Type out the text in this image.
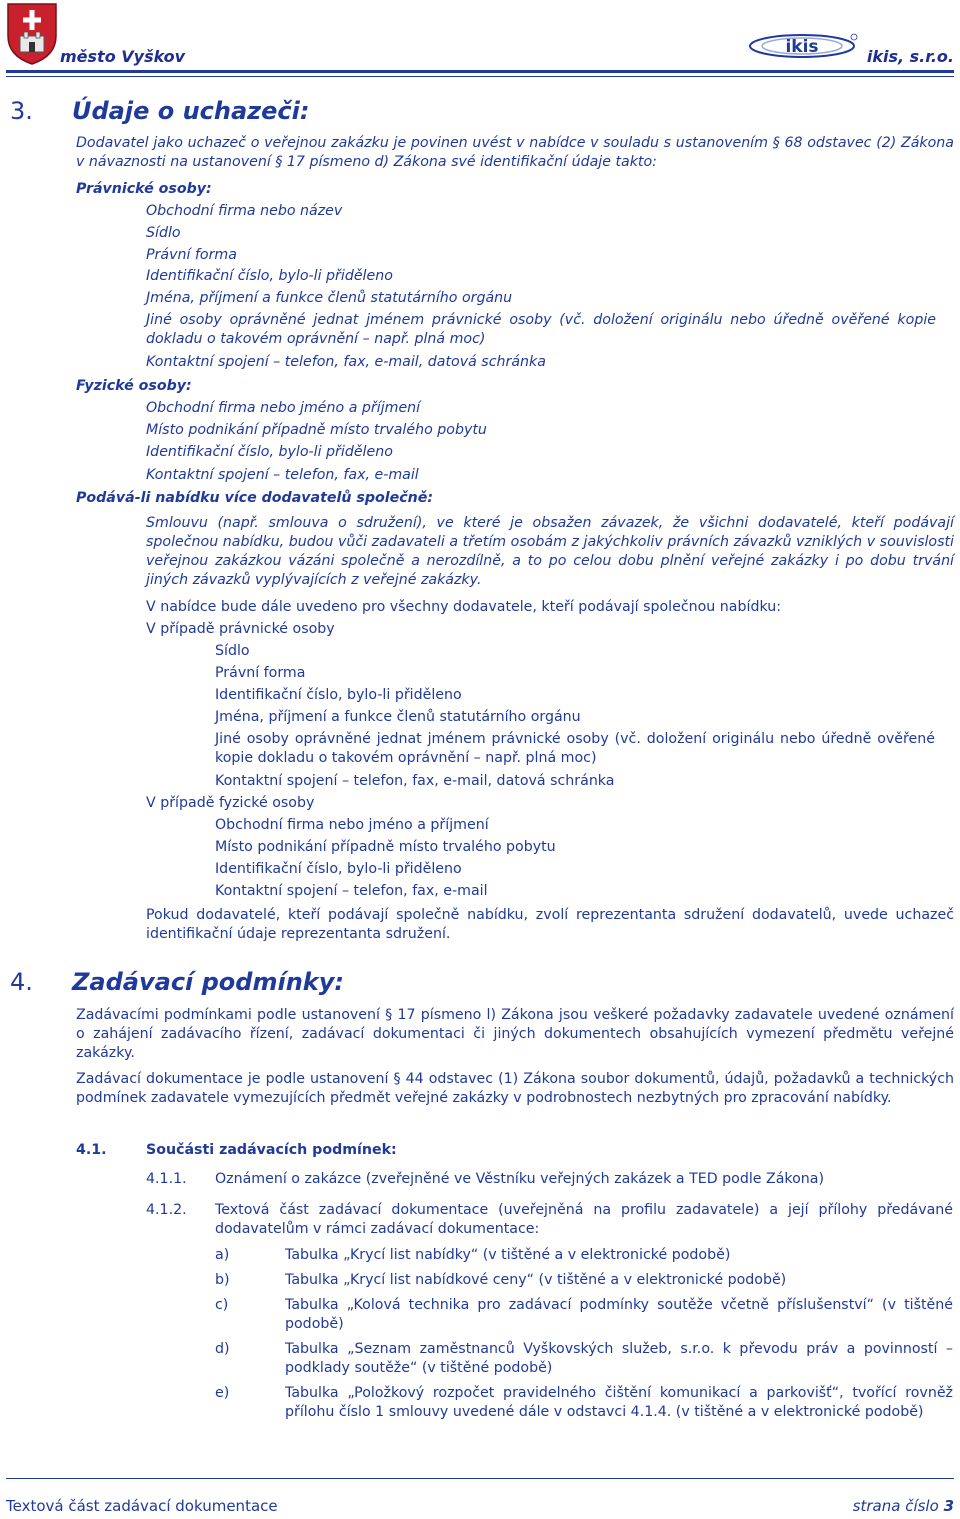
město Vyškov	ikis	ikis, s.r.o.
3. Údaje o uchazeči:
Dodavatel jako uchazeč o veřejnou zakázku je povinen uvést v nabídce v souladu s ustanovením § 68 odstavec (2) Zákona v návaznosti na ustanovení § 17 písmeno d) Zákona své identifikační údaje takto:
Právnické osoby:
Obchodní firma nebo název
Sídlo
Právní forma
Identifikační číslo, bylo-li přiděleno
Jména, příjmení a funkce členů statutárního orgánu
Jiné osoby oprávněné jednat jménem právnické osoby (vč. doložení originálu nebo úředně ověřené kopie dokladu o takovém oprávnění – např. plná moc)
Kontaktní spojení – telefon, fax, e-mail, datová schránka
Fyzické osoby:
Obchodní firma nebo jméno a příjmení
Místo podnikání případně místo trvalého pobytu
Identifikační číslo, bylo-li přiděleno
Kontaktní spojení – telefon, fax, e-mail
Podává-li nabídku více dodavatelů společně:
Smlouvu (např. smlouva o sdružení), ve které je obsažen závazek, že všichni dodavatelé, kteří podávají společnou nabídku, budou vůči zadavateli a třetím osobám z jakýchkoliv právních závazků vzniklých v souvislosti veřejnou zakázkou vázáni společně a nerozdílně, a to po celou dobu plnění veřejné zakázky i po dobu trvání jiných závazků vyplývajících z veřejné zakázky.
V nabídce bude dále uvedeno pro všechny dodavatele, kteří podávají společnou nabídku:
V případě právnické osoby
Sídlo
Právní forma
Identifikační číslo, bylo-li přiděleno
Jména, příjmení a funkce členů statutárního orgánu
Jiné osoby oprávněné jednat jménem právnické osoby (vč. doložení originálu nebo úředně ověřené kopie dokladu o takovém oprávnění – např. plná moc)
Kontaktní spojení – telefon, fax, e-mail, datová schránka
V případě fyzické osoby
Obchodní firma nebo jméno a příjmení
Místo podnikání případně místo trvalého pobytu
Identifikační číslo, bylo-li přiděleno
Kontaktní spojení – telefon, fax, e-mail
Pokud dodavatelé, kteří podávají společně nabídku, zvolí reprezentanta sdružení dodavatelů, uvede uchazeč identifikační údaje reprezentanta sdružení.
4. Zadávací podmínky:
Zadávacími podmínkami podle ustanovení § 17 písmeno l) Zákona jsou veškeré požadavky zadavatele uvedené oznámení o zahájení zadávacího řízení, zadávací dokumentaci či jiných dokumentech obsahujících vymezení předmětu veřejné zakázky.
Zadávací dokumentace je podle ustanovení § 44 odstavec (1) Zákona soubor dokumentů, údajů, požadavků a technických podmínek zadavatele vymezujících předmět veřejné zakázky v podrobnostech nezbytných pro zpracování nabídky.
4.1.	Součásti zadávacích podmínek:
4.1.1. Oznámení o zakázce (zveřejněné ve Věstníku veřejných zakázek a TED podle Zákona)
4.1.2. Textová část zadávací dokumentace (uveřejněná na profilu zadavatele) a její přílohy předávané dodavatelům v rámci zadávací dokumentace:
a)	Tabulka „Krycí list nabídky“ (v tištěné a v elektronické podobě)
b)	Tabulka „Krycí list nabídkové ceny“ (v tištěné a v elektronické podobě)
c)	Tabulka „Kolová technika pro zadávací podmínky soutěže včetně příslušenství“ (v tištěné podobě)
d)	Tabulka „Seznam zaměstnanců Vyškovských služeb, s.r.o. k převodu práv a povinností – podklady soutěže“ (v tištěné podobě)
e)	Tabulka „Položkový rozpočet pravidelného čištění komunikací a parkovišť“, tvořící rovněž přílohu číslo 1 smlouvy uvedené dále v odstavci 4.1.4. (v tištěné a v elektronické podobě)
Textová část zadávací dokumentace	strana číslo 3
